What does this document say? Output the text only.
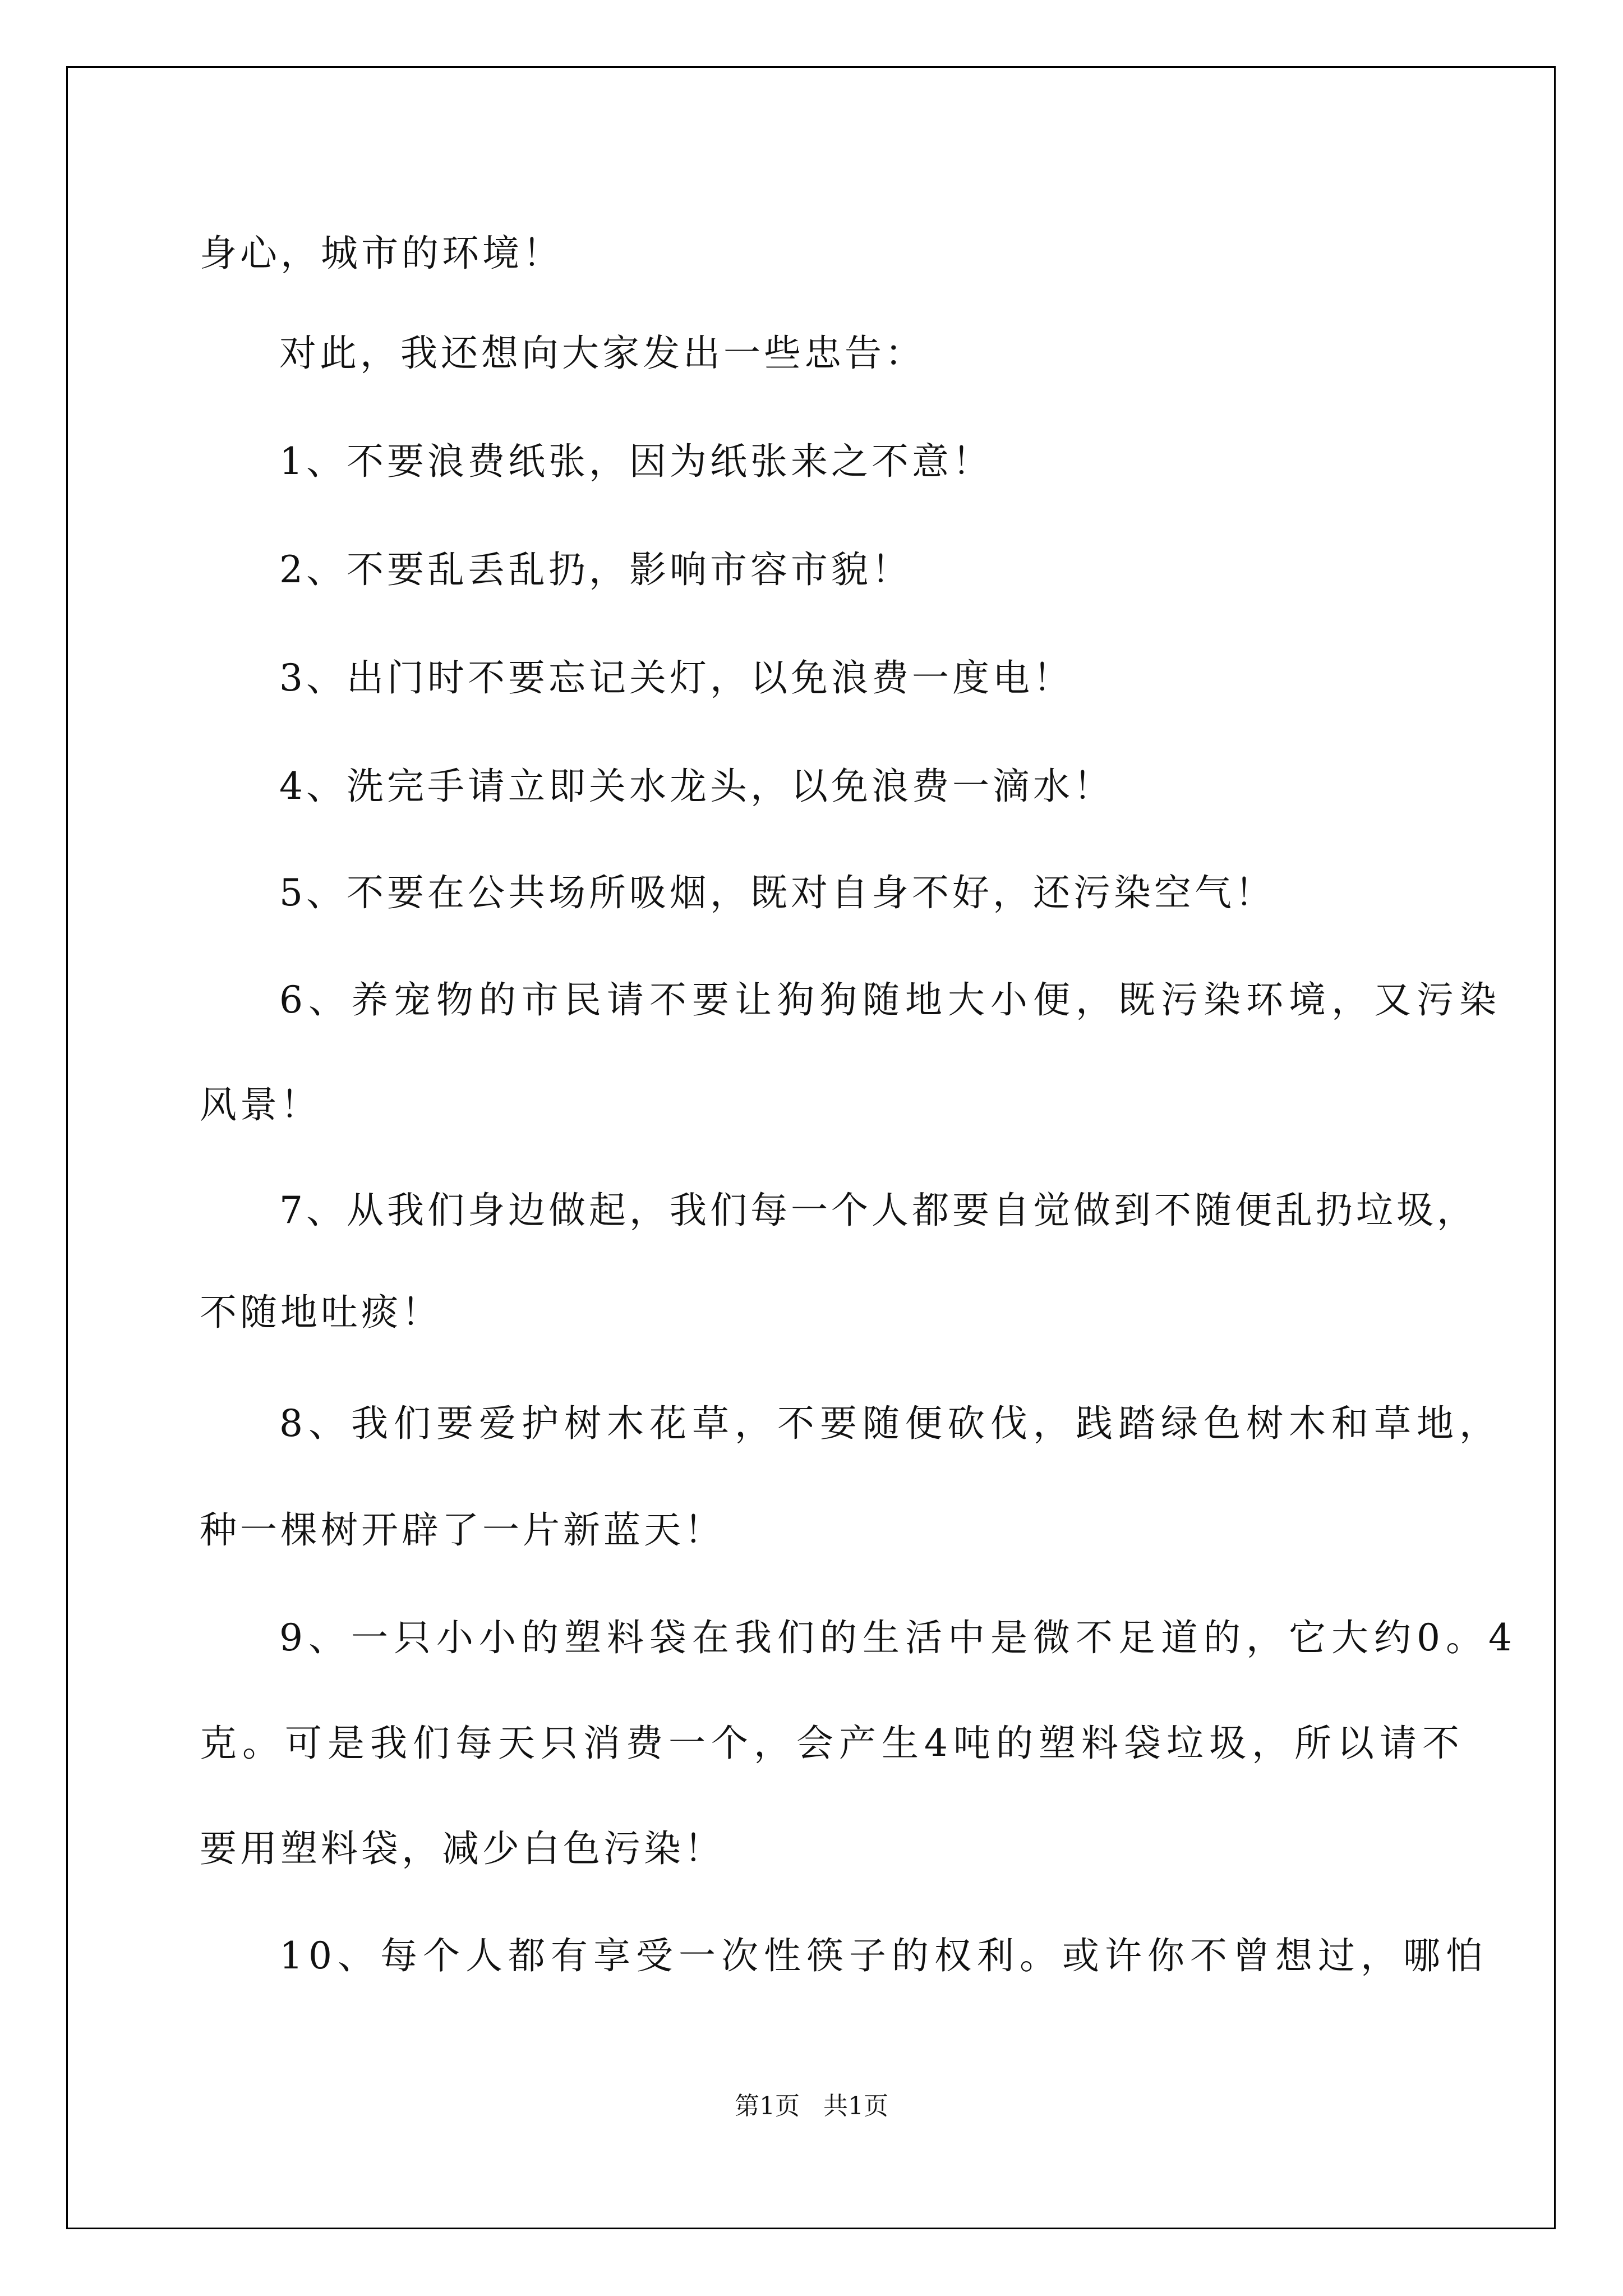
身心，城市的环境！
对此，我还想向大家发出一些忠告：
1、不要浪费纸张，因为纸张来之不意！
2、不要乱丢乱扔，影响市容市貌！
3、出门时不要忘记关灯，以免浪费一度电！
4、洗完手请立即关水龙头，以免浪费一滴水！
5、不要在公共场所吸烟，既对自身不好，还污染空气！
6、养宠物的市民请不要让狗狗随地大小便，既污染环境，又污染
风景！
7、从我们身边做起，我们每一个人都要自觉做到不随便乱扔垃圾，
不随地吐痰！
8、我们要爱护树木花草，不要随便砍伐，践踏绿色树木和草地，
种一棵树开辟了一片新蓝天！
9、一只小小的塑料袋在我们的生活中是微不足道的，它大约0。4
克。可是我们每天只消费一个，会产生4吨的塑料袋垃圾，所以请不
要用塑料袋，减少白色污染！
10、每个人都有享受一次性筷子的权利。或许你不曾想过，哪怕
第1页   共1页
